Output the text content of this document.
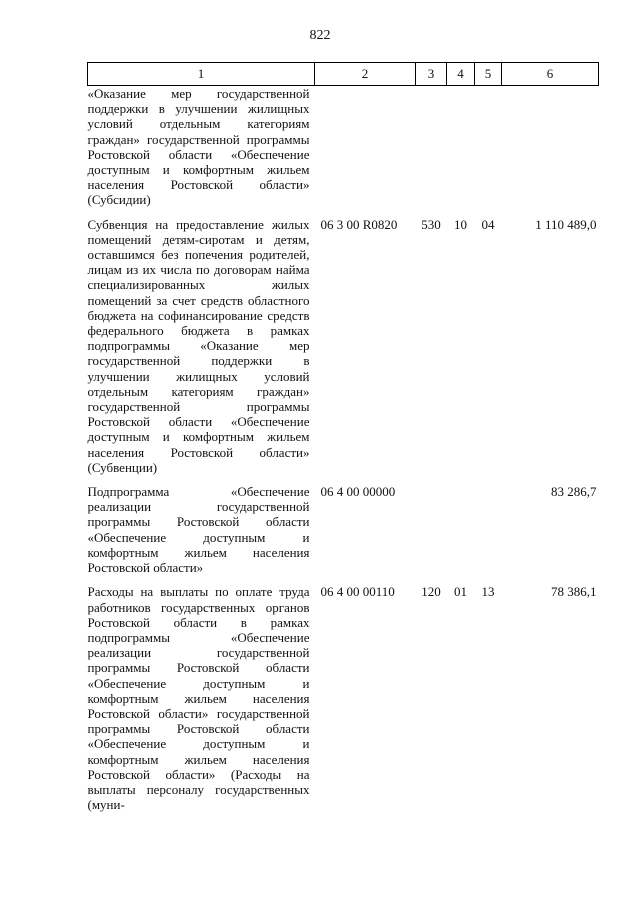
822
1	2	3	4	5	6
«Оказание мер государственной поддержки в улучшении жилищных условий отдельным категориям граждан» государственной программы Ростовской области «Обеспечение доступным и комфортным жильем населения Ростовской области» (Субсидии)					
Субвенция на предоставление жилых помещений детям-сиротам и детям, оставшимся без попечения родителей, лицам из их числа по договорам найма специализированных жилых помещений за счет средств областного бюджета на софинансирование средств федерального бюджета в рамках подпрограммы «Оказание мер государственной поддержки в улучшении жилищных условий отдельным категориям граждан» государственной программы Ростовской области «Обеспечение доступным и комфортным жильем населения Ростовской области» (Субвенции)	06 3 00 R0820	530	10	04	1 110 489,0
Подпрограмма «Обеспечение реализации государственной программы Ростовской области «Обеспечение доступным и комфортным жильем населения Ростовской области»	06 4 00 00000				83 286,7
Расходы на выплаты по оплате труда работников государственных органов Ростовской области в рамках подпрограммы «Обеспечение реализации государственной программы Ростовской области «Обеспечение доступным и комфортным жильем населения Ростовской области» государственной программы Ростовской области «Обеспечение доступным и комфортным жильем населения Ростовской области» (Расходы на выплаты персоналу государственных (муни-	06 4 00 00110	120	01	13	78 386,1
